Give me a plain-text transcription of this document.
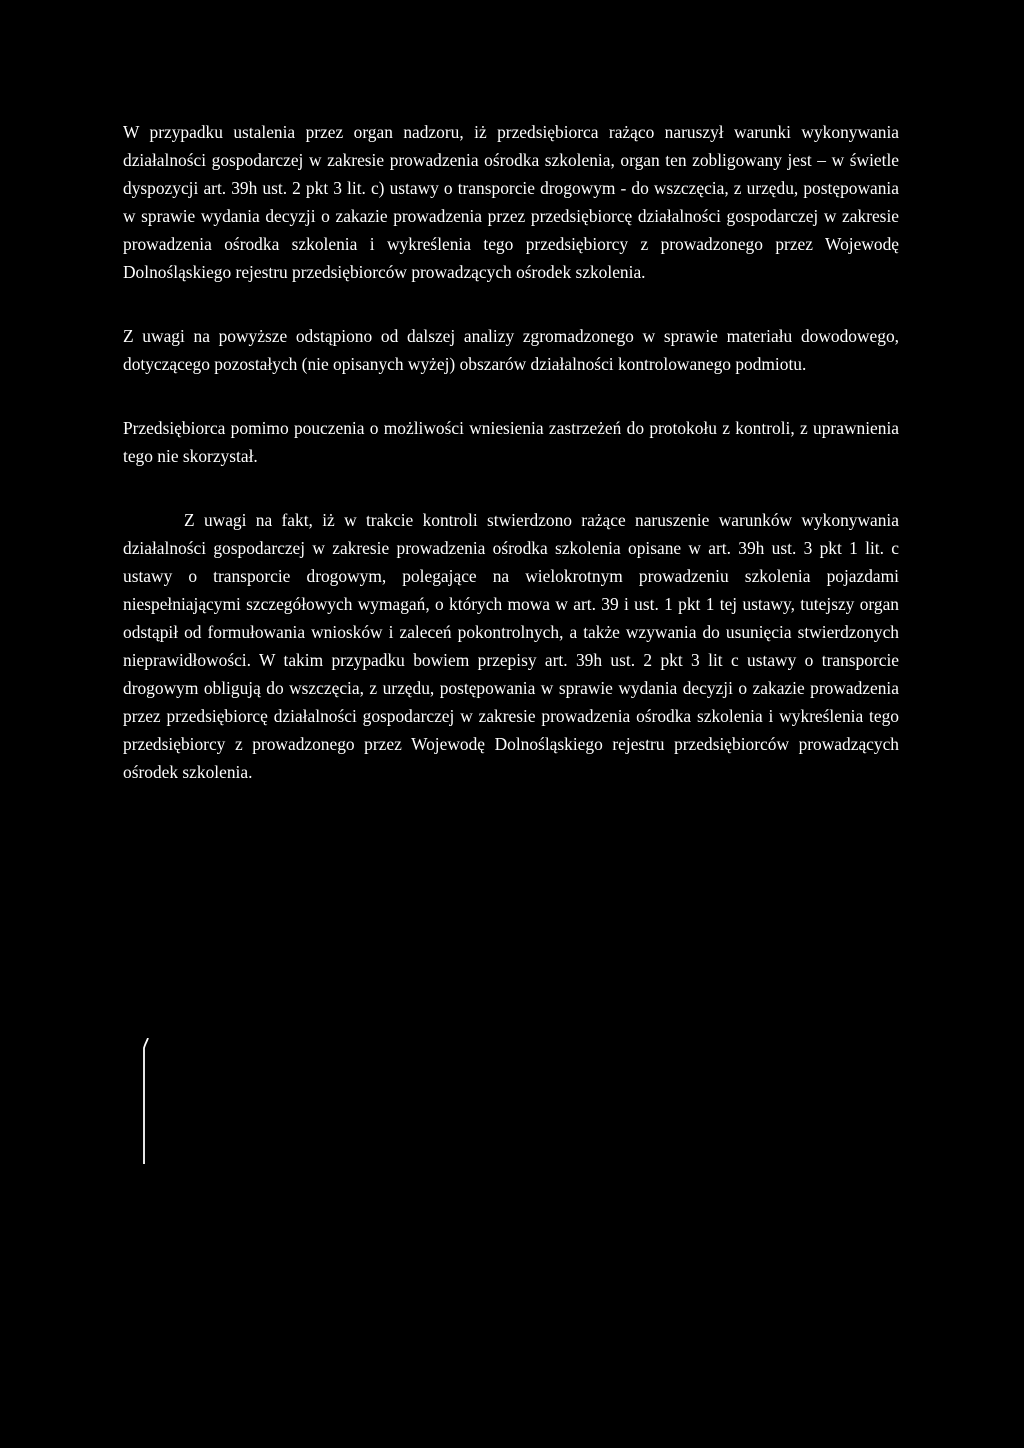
W przypadku ustalenia przez organ nadzoru, iż przedsiębiorca rażąco naruszył warunki wykonywania działalności gospodarczej w zakresie prowadzenia ośrodka szkolenia, organ ten zobligowany jest – w świetle dyspozycji art. 39h ust. 2 pkt 3 lit. c) ustawy o transporcie drogowym - do wszczęcia, z urzędu, postępowania w sprawie wydania decyzji o zakazie prowadzenia przez przedsiębiorcę działalności gospodarczej w zakresie prowadzenia ośrodka szkolenia i wykreślenia tego przedsiębiorcy z prowadzonego przez Wojewodę Dolnośląskiego rejestru przedsiębiorców prowadzących ośrodek szkolenia.

Z uwagi na powyższe odstąpiono od dalszej analizy zgromadzonego w sprawie materiału dowodowego, dotyczącego pozostałych (nie opisanych wyżej) obszarów działalności kontrolowanego podmiotu.

Przedsiębiorca pomimo pouczenia o możliwości wniesienia zastrzeżeń do protokołu z kontroli, z uprawnienia tego nie skorzystał.

Z uwagi na fakt, iż w trakcie kontroli stwierdzono rażące naruszenie warunków wykonywania działalności gospodarczej w zakresie prowadzenia ośrodka szkolenia opisane w art. 39h ust. 3 pkt 1 lit. c ustawy o transporcie drogowym, polegające na wielokrotnym prowadzeniu szkolenia pojazdami niespełniającymi szczegółowych wymagań, o których mowa w art. 39 i ust. 1 pkt 1 tej ustawy, tutejszy organ odstąpił od formułowania wniosków i zaleceń pokontrolnych, a także wzywania do usunięcia stwierdzonych nieprawidłowości. W takim przypadku bowiem przepisy art. 39h ust. 2 pkt 3 lit c ustawy o transporcie drogowym obligują do wszczęcia, z urzędu, postępowania w sprawie wydania decyzji o zakazie prowadzenia przez przedsiębiorcę działalności gospodarczej w zakresie prowadzenia ośrodka szkolenia i wykreślenia tego przedsiębiorcy z prowadzonego przez Wojewodę Dolnośląskiego rejestru przedsiębiorców prowadzących ośrodek szkolenia.
